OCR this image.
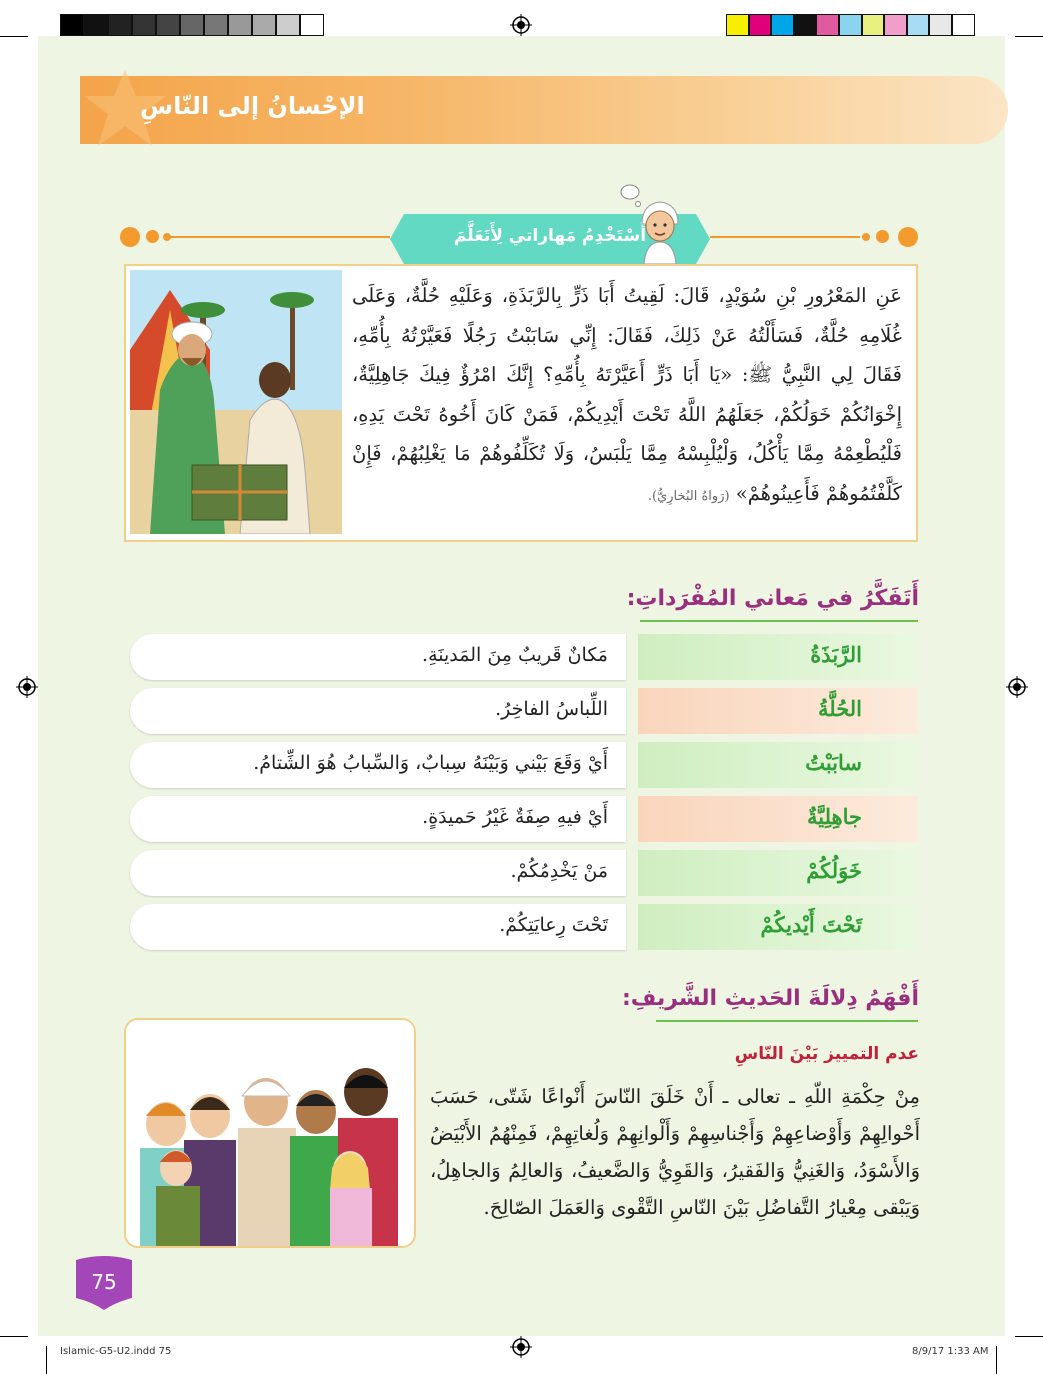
الإحْسانُ إلى النّاسِ
أَسْتَخْدِمُ مَهاراتي لِأَتَعَلَّمَ
عَنِ المَعْرُورِ بْنِ سُوَيْدٍ، قَالَ: لَقِيتُ أَبَا ذَرٍّ بِالرَّبَذَةِ، وَعَلَيْهِ حُلَّةٌ، وَعَلَى غُلَامِهِ حُلَّةٌ، فَسَأَلْتُهُ عَنْ ذَلِكَ، فَقَالَ: إِنِّي سَابَبْتُ رَجُلًا فَعَيَّرْتُهُ بِأُمِّهِ، فَقَالَ لِي النَّبِيُّ ﷺ: «يَا أَبَا ذَرٍّ أَعَيَّرْتَهُ بِأُمِّهِ؟ إِنَّكَ امْرُؤٌ فِيكَ جَاهِلِيَّةٌ، إِخْوَانُكُمْ خَوَلُكُمْ، جَعَلَهُمُ اللَّهُ تَحْتَ أَيْدِيكُمْ، فَمَنْ كَانَ أَخُوهُ تَحْتَ يَدِهِ، فَلْيُطْعِمْهُ مِمَّا يَأْكُلُ، وَلْيُلْبِسْهُ مِمَّا يَلْبَسُ، وَلَا تُكَلِّفُوهُمْ مَا يَغْلِبُهُمْ، فَإِنْ كَلَّفْتُمُوهُمْ فَأَعِينُوهُمْ» (رَواهُ البُخارِيُّ).
أَتَفَكَّرُ في مَعاني المُفْرَداتِ:
مَكانٌ قَريبٌ مِنَ المَدينَةِ.	الرَّبَذَةُ
اللِّباسُ الفاخِرُ.	الحُلَّةُ
أَيْ وَقَعَ بَيْني وَبَيْنَهُ سِبابٌ، وَالسِّبابُ هُوَ الشِّتامُ.	سابَبْتُ
أَيْ فيهِ صِفَةٌ غَيْرُ حَميدَةٍ.	جاهِلِيَّةٌ
مَنْ يَخْدِمُكُمْ.	خَوَلُكُمْ
تَحْتَ رِعايَتِكُمْ.	تَحْتَ أَيْديكُمْ
أَفْهَمُ دِلالَةَ الحَديثِ الشَّريفِ:
عدم التمييز بَيْنَ النّاسِ
مِنْ حِكْمَةِ اللّهِ ـ تعالى ـ أَنْ خَلَقَ النّاسَ أَنْواعًا شَتّى، حَسَبَ أَحْوالِهِمْ وَأَوْضاعِهِمْ وَأَجْناسِهِمْ وَأَلْوانِهِمْ وَلُغاتِهِمْ، فَمِنْهُمُ الأَبْيَضُ وَالأَسْوَدُ، وَالغَنِيُّ وَالفَقيرُ، وَالقَوِيُّ وَالضَّعيفُ، وَالعالِمُ وَالجاهِلُ، وَيَبْقى مِعْيارُ التَّفاضُلِ بَيْنَ النّاسِ التَّقْوى وَالعَمَلَ الصّالِحَ.
75
Islamic-G5-U2.indd 75	8/9/17 1:33 AM
